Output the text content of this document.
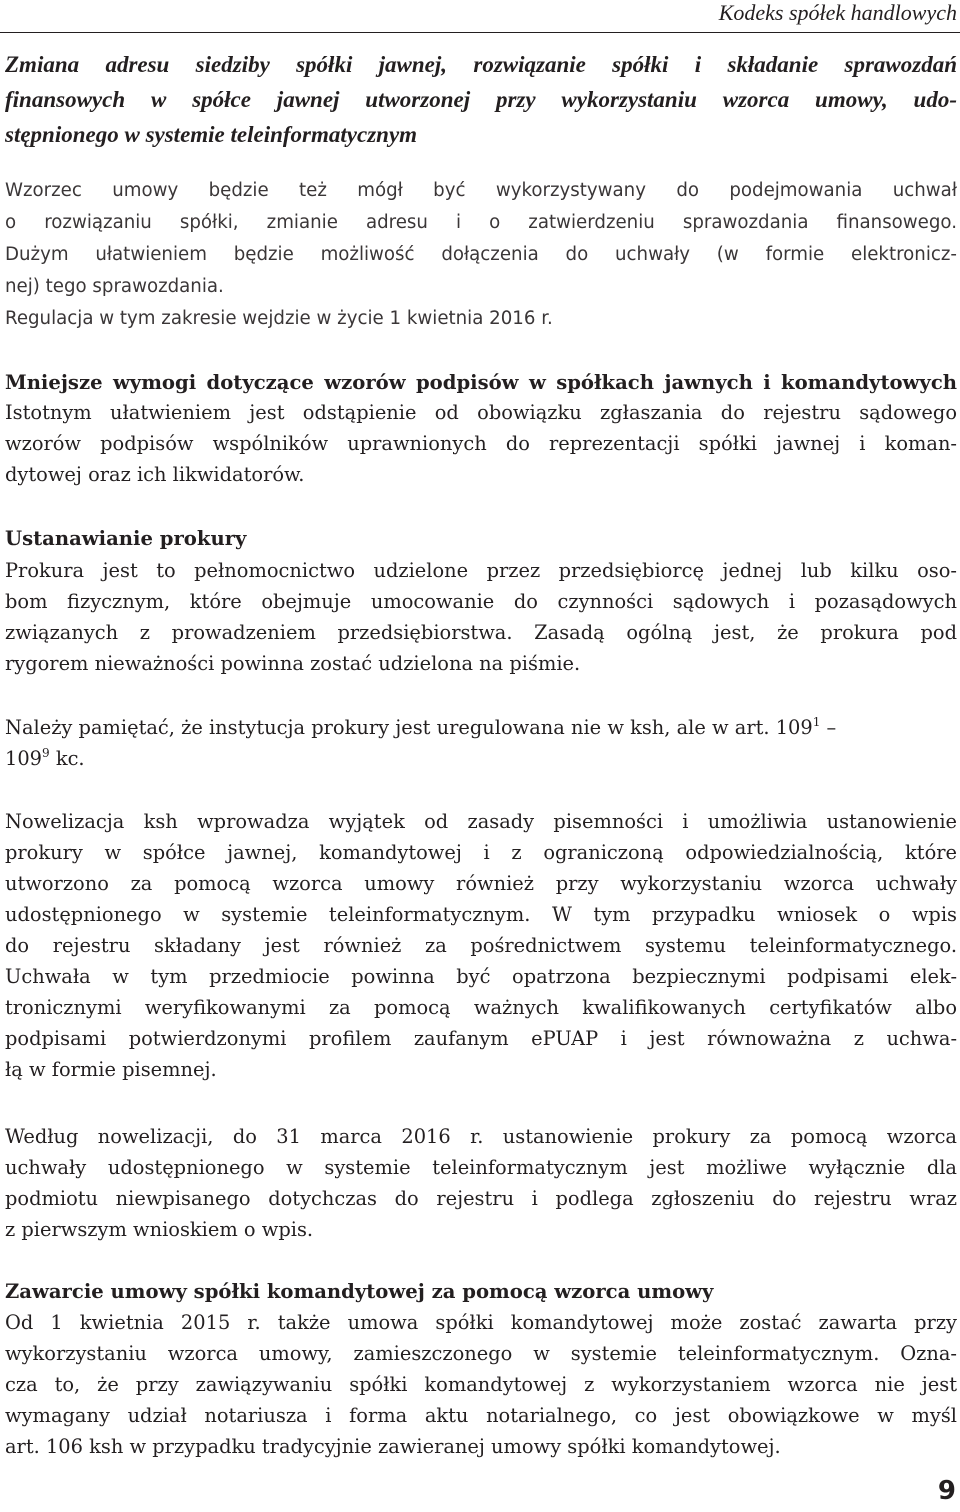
Kodeks spółek handlowych
Zmiana adresu siedziby spółki jawnej, rozwiązanie spółki i składanie sprawozdań
finansowych w spółce jawnej utworzonej przy wykorzystaniu wzorca umowy, udo-
stępnionego w systemie teleinformatycznym
Wzorzec umowy będzie też mógł być wykorzystywany do podejmowania uchwał
o rozwiązaniu spółki, zmianie adresu i o zatwierdzeniu sprawozdania finansowego.
Dużym ułatwieniem będzie możliwość dołączenia do uchwały (w formie elektronicz-
nej) tego sprawozdania.
Regulacja w tym zakresie wejdzie w życie 1 kwietnia 2016 r.
Mniejsze wymogi dotyczące wzorów podpisów w spółkach jawnych i komandytowych
Istotnym ułatwieniem jest odstąpienie od obowiązku zgłaszania do rejestru sądowego
wzorów podpisów wspólników uprawnionych do reprezentacji spółki jawnej i koman-
dytowej oraz ich likwidatorów.
Ustanawianie prokury
Prokura jest to pełnomocnictwo udzielone przez przedsiębiorcę jednej lub kilku oso-
bom fizycznym, które obejmuje umocowanie do czynności sądowych i pozasądowych
związanych z prowadzeniem przedsiębiorstwa. Zasadą ogólną jest, że prokura pod
rygorem nieważności powinna zostać udzielona na piśmie.
Należy pamiętać, że instytucja prokury jest uregulowana nie w ksh, ale w art. $109^1$ –
$109^9$ kc.
Nowelizacja ksh wprowadza wyjątek od zasady pisemności i umożliwia ustanowienie
prokury w spółce jawnej, komandytowej i z ograniczoną odpowiedzialnością, które
utworzono za pomocą wzorca umowy również przy wykorzystaniu wzorca uchwały
udostępnionego w systemie teleinformatycznym. W tym przypadku wniosek o wpis
do rejestru składany jest również za pośrednictwem systemu teleinformatycznego.
Uchwała w tym przedmiocie powinna być opatrzona bezpiecznymi podpisami elek-
tronicznymi weryfikowanymi za pomocą ważnych kwalifikowanych certyfikatów albo
podpisami potwierdzonymi profilem zaufanym ePUAP i jest równoważna z uchwa-
łą w formie pisemnej.
Według nowelizacji, do 31 marca 2016 r. ustanowienie prokury za pomocą wzorca
uchwały udostępnionego w systemie teleinformatycznym jest możliwe wyłącznie dla
podmiotu niewpisanego dotychczas do rejestru i podlega zgłoszeniu do rejestru wraz
z pierwszym wnioskiem o wpis.
Zawarcie umowy spółki komandytowej za pomocą wzorca umowy
Od 1 kwietnia 2015 r. także umowa spółki komandytowej może zostać zawarta przy
wykorzystaniu wzorca umowy, zamieszczonego w systemie teleinformatycznym. Ozna-
cza to, że przy zawiązywaniu spółki komandytowej z wykorzystaniem wzorca nie jest
wymagany udział notariusza i forma aktu notarialnego, co jest obowiązkowe w myśl
art. 106 ksh w przypadku tradycyjnie zawieranej umowy spółki komandytowej.
9
